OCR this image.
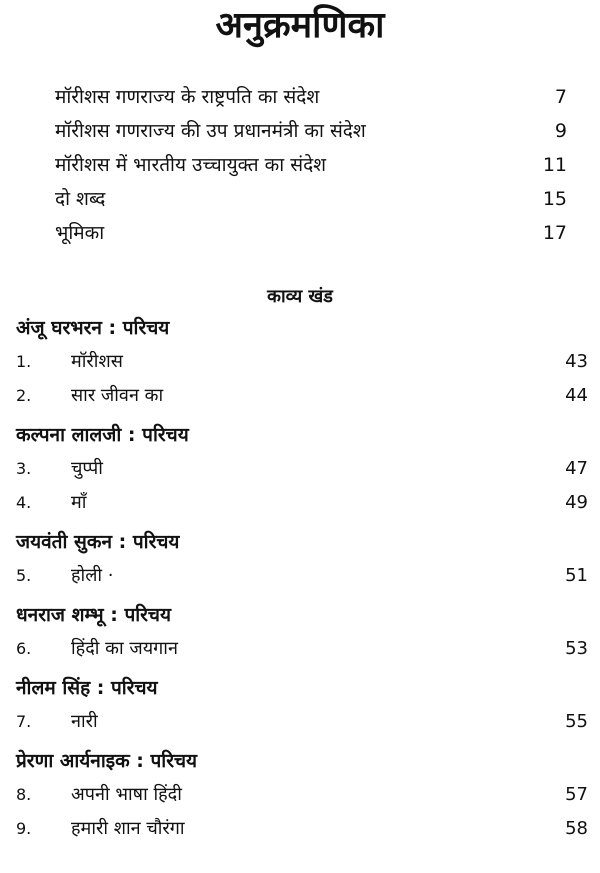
अनुक्रमणिका
मॉरीशस गणराज्य के राष्ट्रपति का संदेश	7
मॉरीशस गणराज्य की उप प्रधानमंत्री का संदेश	9
मॉरीशस में भारतीय उच्चायुक्त का संदेश	11
दो शब्द	15
भूमिका	17
काव्य खंड
अंजू घरभरन : परिचय
1. मॉरीशस	43
2. सार जीवन का	44
कल्पना लालजी : परिचय
3. चुप्पी	47
4. माँ	49
जयवंती सुकन : परिचय
5. होली ·	51
धनराज शम्भू : परिचय
6. हिंदी का जयगान	53
नीलम सिंह : परिचय
7. नारी	55
प्रेरणा आर्यनाइक : परिचय
8. अपनी भाषा हिंदी	57
9. हमारी शान चौरंगा	58
